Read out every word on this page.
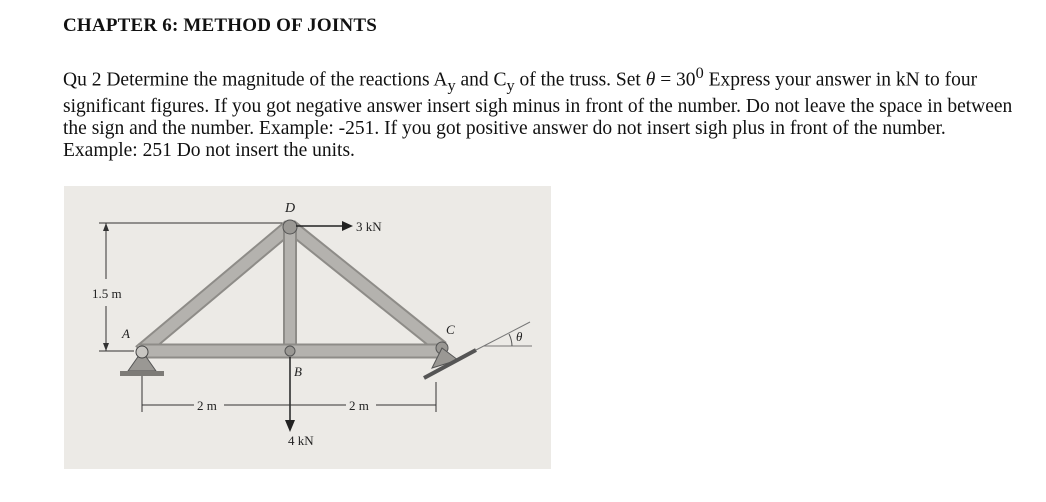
CHAPTER 6: METHOD OF JOINTS
Qu 2 Determine the magnitude of the reactions $A_y$ and $C_y$ of the truss. Set $\theta = 30^0$ Express your answer in kN to four significant figures. If you got negative answer insert sigh minus in front of the number. Do not leave the space in between the sign and the number. Example: -251. If you got positive answer do not insert sigh plus in front of the number. Example: 251 Do not insert the units.
1.5 m
θ
D
A
B
C
3 kN
4 kN
2 m	2 m
